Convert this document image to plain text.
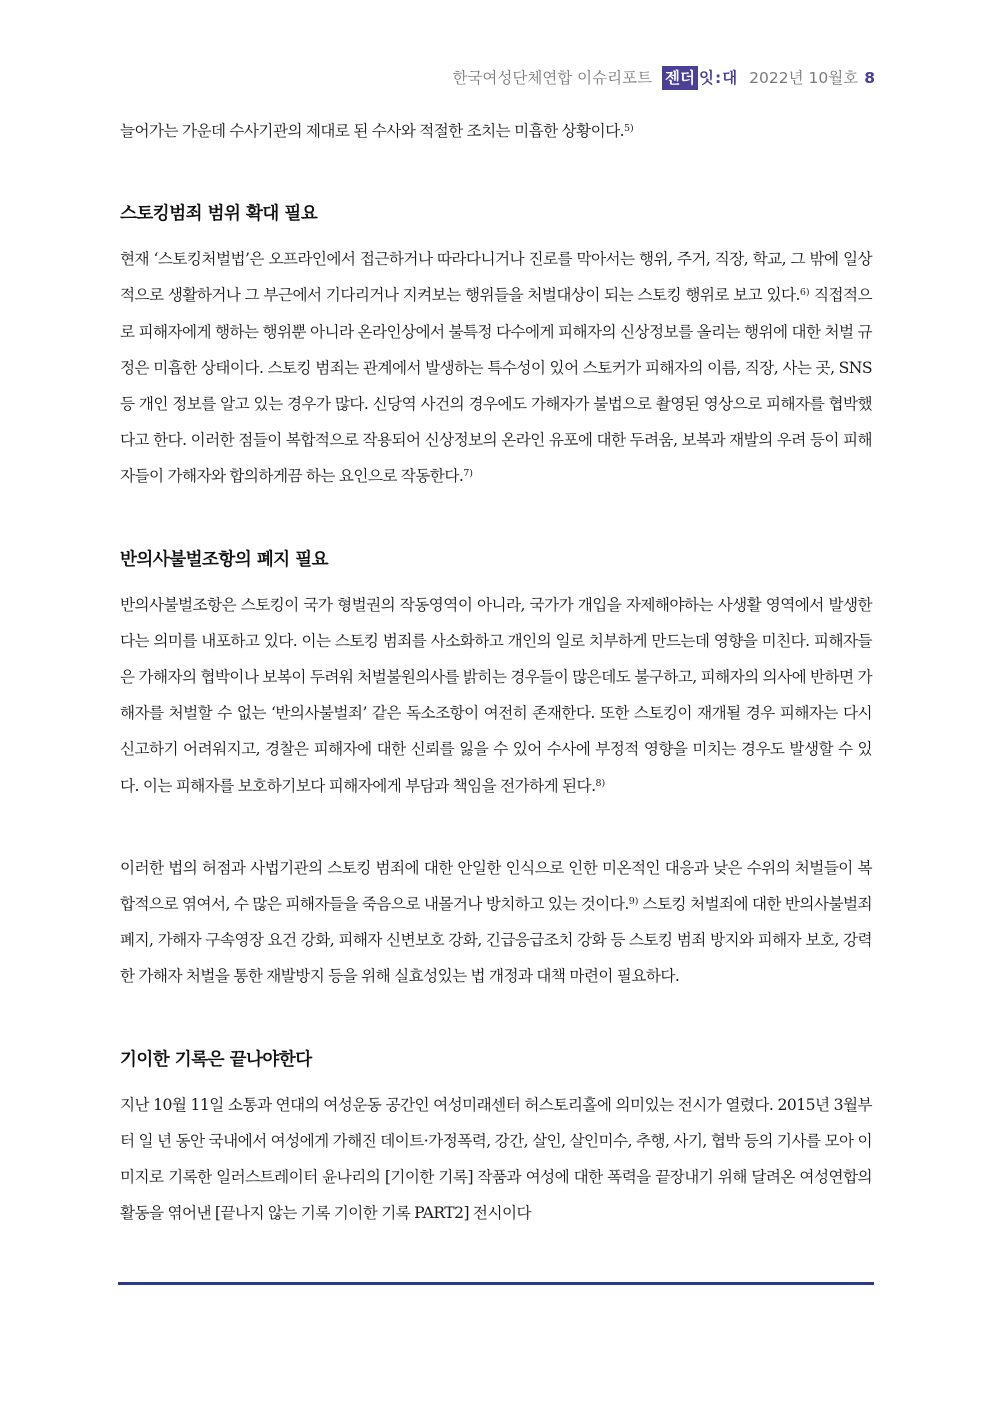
한국여성단체연합 이슈리포트 젠더 잇 : 대 2022년 10월호 8

늘어가는 가운데 수사기관의 제대로 된 수사와 적절한 조치는 미흡한 상황이다.$^{5)}$

스토킹범죄 범위 확대 필요

현재 ‘스토킹처벌법’은 오프라인에서 접근하거나 따라다니거나 진로를 막아서는 행위, 주거, 직장, 학교, 그 밖에 일상적으로 생활하거나 그 부근에서 기다리거나 지켜보는 행위들을 처벌대상이 되는 스토킹 행위로 보고 있다.$^{6)}$ 직접적으로 피해자에게 행하는 행위뿐 아니라 온라인상에서 불특정 다수에게 피해자의 신상정보를 올리는 행위에 대한 처벌 규정은 미흡한 상태이다. 스토킹 범죄는 관계에서 발생하는 특수성이 있어 스토커가 피해자의 이름, 직장, 사는 곳, SNS 등 개인 정보를 알고 있는 경우가 많다. 신당역 사건의 경우에도 가해자가 불법으로 촬영된 영상으로 피해자를 협박했다고 한다. 이러한 점들이 복합적으로 작용되어 신상정보의 온라인 유포에 대한 두려움, 보복과 재발의 우려 등이 피해자들이 가해자와 합의하게끔 하는 요인으로 작동한다.$^{7)}$

반의사불벌조항의 폐지 필요

반의사불벌조항은 스토킹이 국가 형벌권의 작동영역이 아니라, 국가가 개입을 자제해야하는 사생활 영역에서 발생한다는 의미를 내포하고 있다. 이는 스토킹 범죄를 사소화하고 개인의 일로 치부하게 만드는데 영향을 미친다. 피해자들은 가해자의 협박이나 보복이 두려워 처벌불원의사를 밝히는 경우들이 많은데도 불구하고, 피해자의 의사에 반하면 가해자를 처벌할 수 없는 ‘반의사불벌죄’ 같은 독소조항이 여전히 존재한다. 또한 스토킹이 재개될 경우 피해자는 다시 신고하기 어려워지고, 경찰은 피해자에 대한 신뢰를 잃을 수 있어 수사에 부정적 영향을 미치는 경우도 발생할 수 있다. 이는 피해자를 보호하기보다 피해자에게 부담과 책임을 전가하게 된다.$^{8)}$

이러한 법의 허점과 사법기관의 스토킹 범죄에 대한 안일한 인식으로 인한 미온적인 대응과 낮은 수위의 처벌들이 복합적으로 엮여서, 수 많은 피해자들을 죽음으로 내몰거나 방치하고 있는 것이다.$^{9)}$ 스토킹 처벌죄에 대한 반의사불벌죄 폐지, 가해자 구속영장 요건 강화, 피해자 신변보호 강화, 긴급응급조치 강화 등 스토킹 범죄 방지와 피해자 보호, 강력한 가해자 처벌을 통한 재발방지 등을 위해 실효성있는 법 개정과 대책 마련이 필요하다.

기이한 기록은 끝나야한다

지난 10월 11일 소통과 연대의 여성운동 공간인 여성미래센터 허스토리홀에 의미있는 전시가 열렸다. 2015년 3월부터 일 년 동안 국내에서 여성에게 가해진 데이트·가정폭력, 강간, 살인, 살인미수, 추행, 사기, 협박 등의 기사를 모아 이미지로 기록한 일러스트레이터 윤나리의 [기이한 기록] 작품과 여성에 대한 폭력을 끝장내기 위해 달려온 여성연합의 활동을 엮어낸 [끝나지 않는 기록 기이한 기록 PART2] 전시이다
